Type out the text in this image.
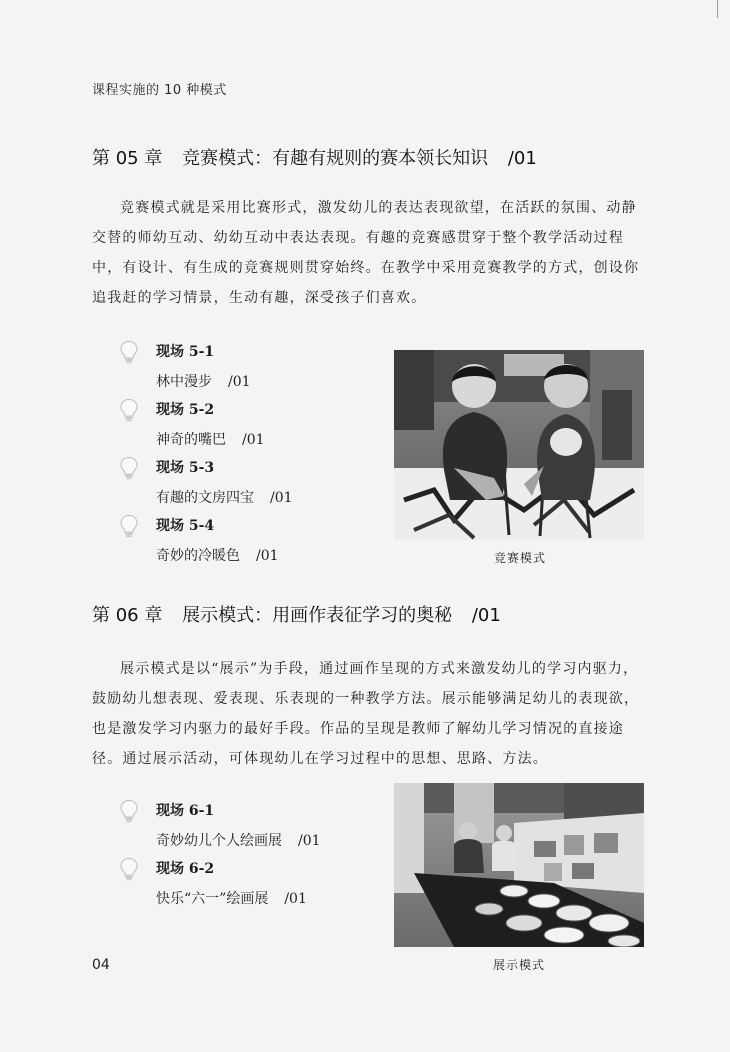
课程实施的 10 种模式
第 05 章 竞赛模式：有趣有规则的赛本领长知识 /01

竞赛模式就是采用比赛形式，激发幼儿的表达表现欲望，在活跃的氛围、动静交替的师幼互动、幼幼互动中表达表现。有趣的竞赛感贯穿于整个教学活动过程中，有设计、有生成的竞赛规则贯穿始终。在教学中采用竞赛教学的方式，创设你追我赶的学习情景，生动有趣，深受孩子们喜欢。

现场 5-1
林中漫步 /01
现场 5-2
神奇的嘴巴 /01
现场 5-3
有趣的文房四宝 /01
现场 5-4
奇妙的冷暖色 /01	竞赛模式
第 06 章 展示模式：用画作表征学习的奥秘 /01

展示模式是以“展示”为手段，通过画作呈现的方式来激发幼儿的学习内驱力，鼓励幼儿想表现、爱表现、乐表现的一种教学方法。展示能够满足幼儿的表现欲，也是激发学习内驱力的最好手段。作品的呈现是教师了解幼儿学习情况的直接途径。通过展示活动，可体现幼儿在学习过程中的思想、思路、方法。

现场 6-1
奇妙幼儿个人绘画展 /01
现场 6-2
快乐“六一”绘画展 /01
展示模式
04
